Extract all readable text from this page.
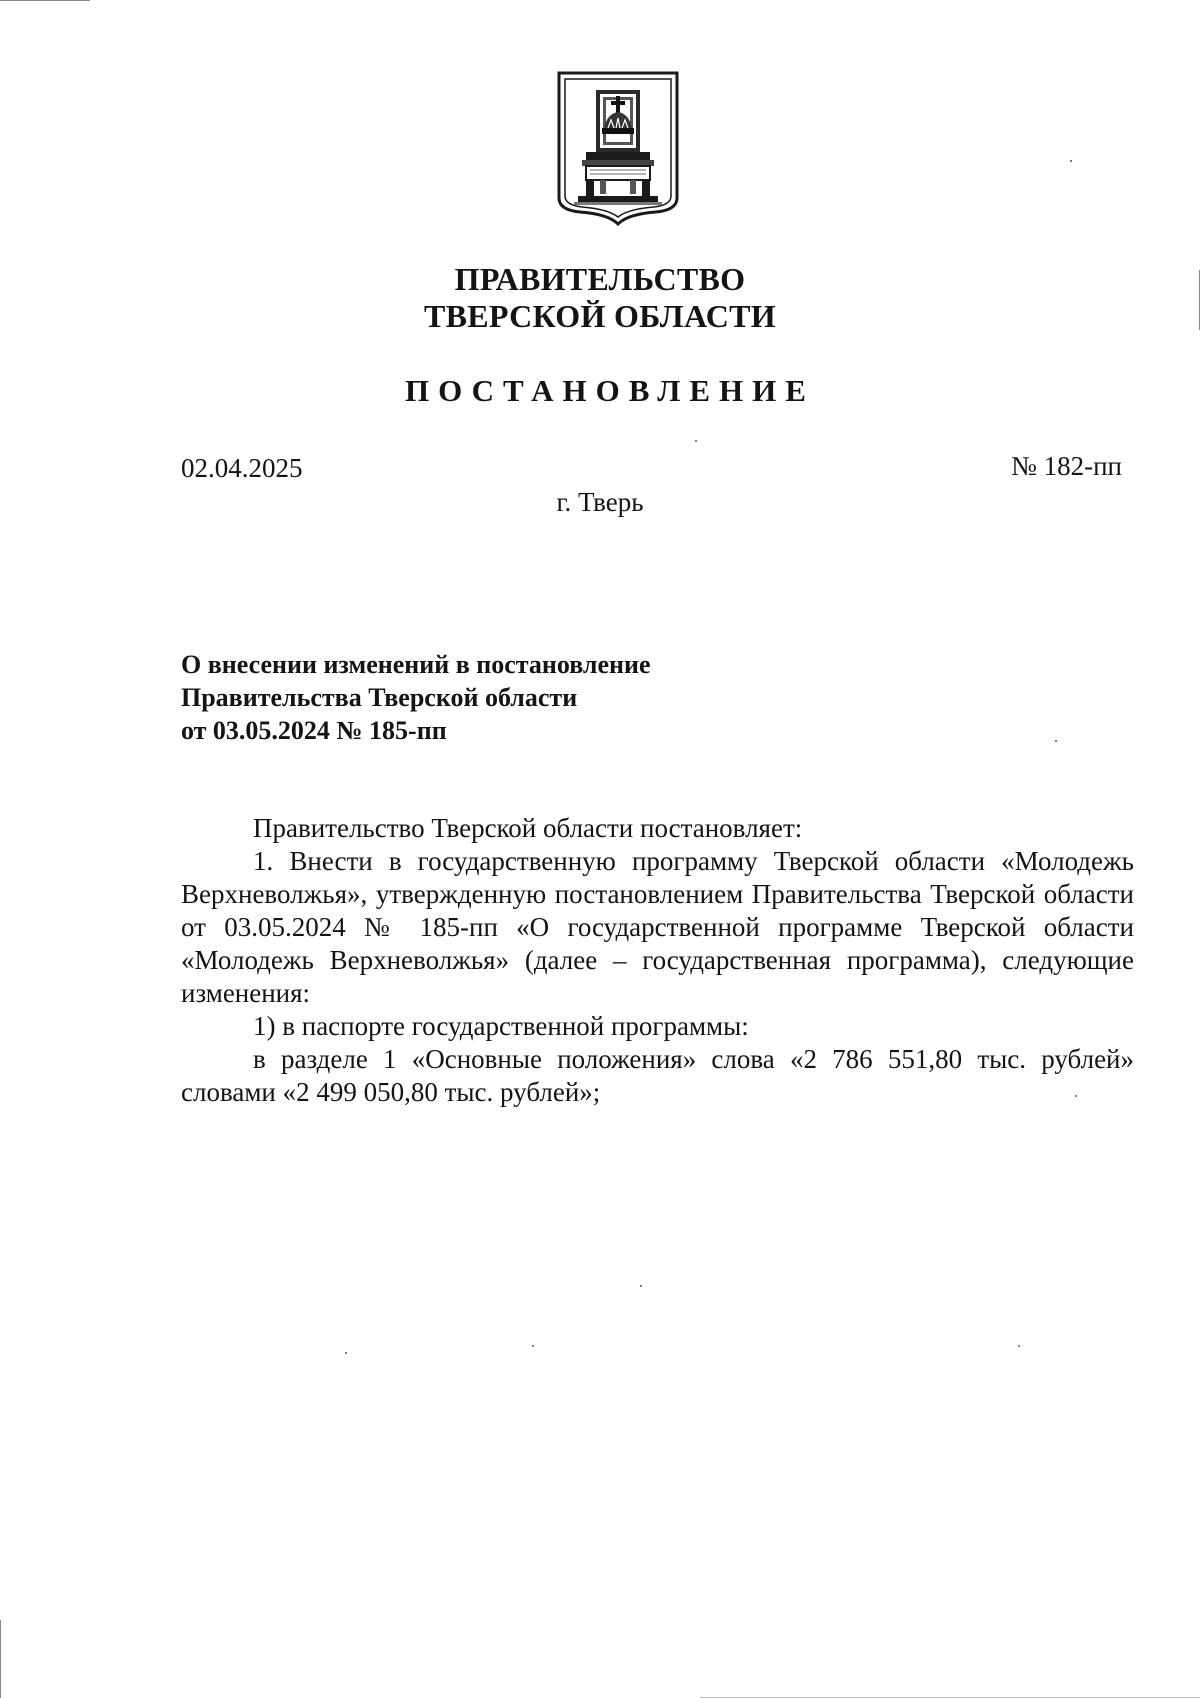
ПРАВИТЕЛЬСТВО
ТВЕРСКОЙ ОБЛАСТИ
ПОСТАНОВЛЕНИЕ
02.04.2025	№ 182-пп
г. Тверь
О внесении изменений в постановление
Правительства Тверской области
от 03.05.2024 № 185-пп

Правительство Тверской области постановляет:

1. Внести в государственную программу Тверской области «Молодежь Верхневолжья», утвержденную постановлением Правительства Тверской области от 03.05.2024 № 185-пп «О государственной программе Тверской области «Молодежь Верхневолжья» (далее – государственная программа), следующие изменения:

1) в паспорте государственной программы:

в разделе 1 «Основные положения» слова «2 786 551,80 тыс. рублей» словами «2 499 050,80 тыс. рублей»;
